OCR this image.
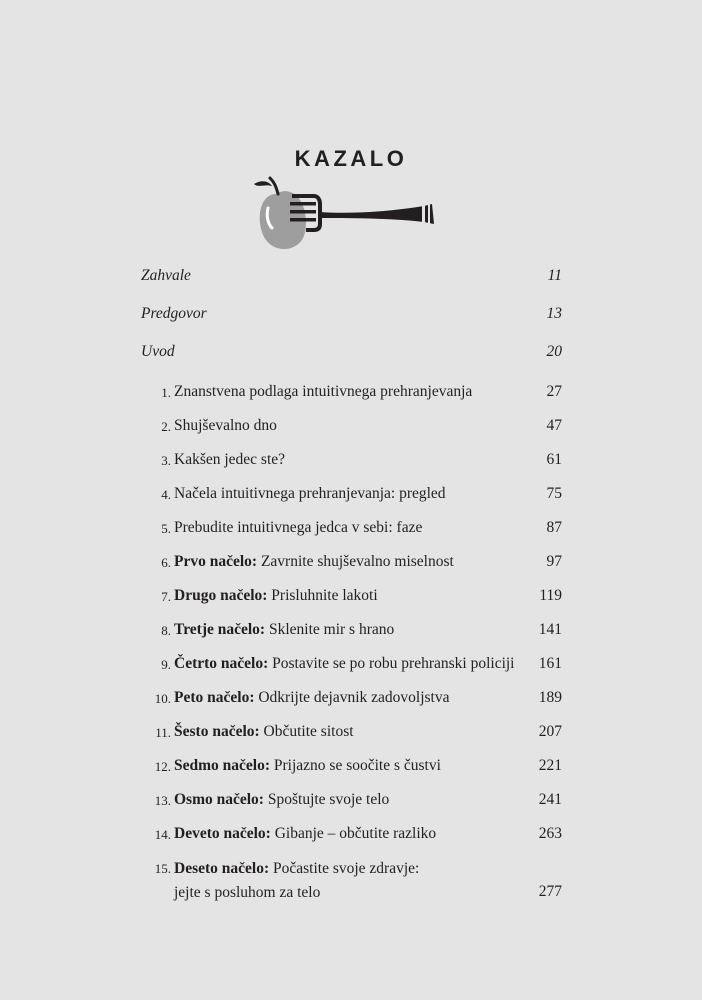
KAZALO
Zahvale	11
Predgovor	13
Uvod	20
1. Znanstvena podlaga intuitivnega prehranjevanja	27
2. Shujševalno dno	47
3. Kakšen jedec ste?	61
4. Načela intuitivnega prehranjevanja: pregled	75
5. Prebudite intuitivnega jedca v sebi: faze	87
6. Prvo načelo: Zavrnite shujševalno miselnost	97
7. Drugo načelo: Prisluhnite lakoti	119
8. Tretje načelo: Sklenite mir s hrano	141
9. Četrto načelo: Postavite se po robu prehranski policiji 161
10. Peto načelo: Odkrijte dejavnik zadovoljstva	189
11. Šesto načelo: Občutite sitost	207
12. Sedmo načelo: Prijazno se soočite s čustvi	221
13. Osmo načelo: Spoštujte svoje telo	241
14. Deveto načelo: Gibanje – občutite razliko	263
15. Deseto načelo: Počastite svoje zdravje:
jejte s posluhom za telo	277
